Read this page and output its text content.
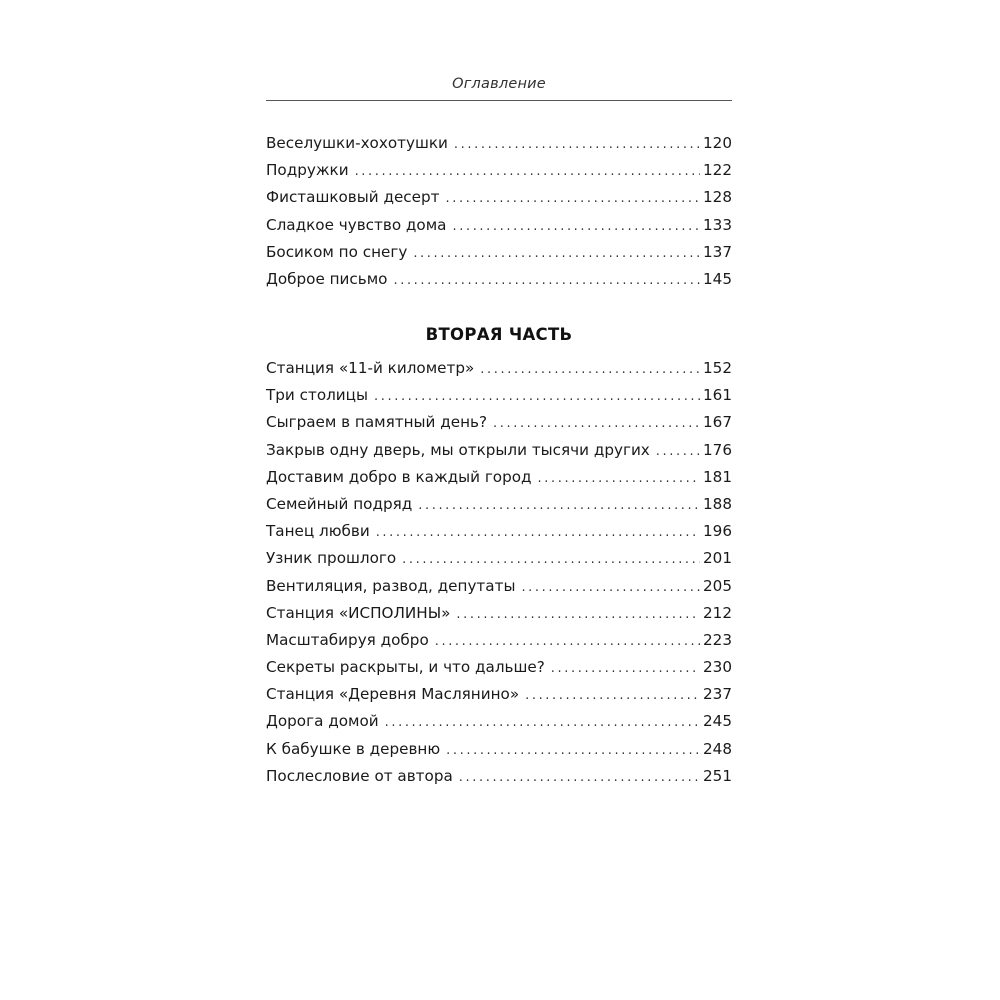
Оглавление
Веселушки-хохотушки .....	120
Подружки .....	122
Фисташковый десерт .....	128
Сладкое чувство дома .....	133
Босиком по снегу .....	137
Доброе письмо .....	145
ВТОРАЯ ЧАСТЬ
Станция «11-й километр» .....	152
Три столицы .....	161
Сыграем в памятный день? .....	167
Закрыв одну дверь, мы открыли тысячи других .....	176
Доставим добро в каждый город .....	181
Семейный подряд .....	188
Танец любви .....	196
Узник прошлого .....	201
Вентиляция, развод, депутаты .....	205
Станция «ИСПОЛИНЫ» .....	212
Масштабируя добро .....	223
Секреты раскрыты, и что дальше? .....	230
Станция «Деревня Маслянино» .....	237
Дорога домой .....	245
К бабушке в деревню .....	248
Послесловие от автора .....	251
